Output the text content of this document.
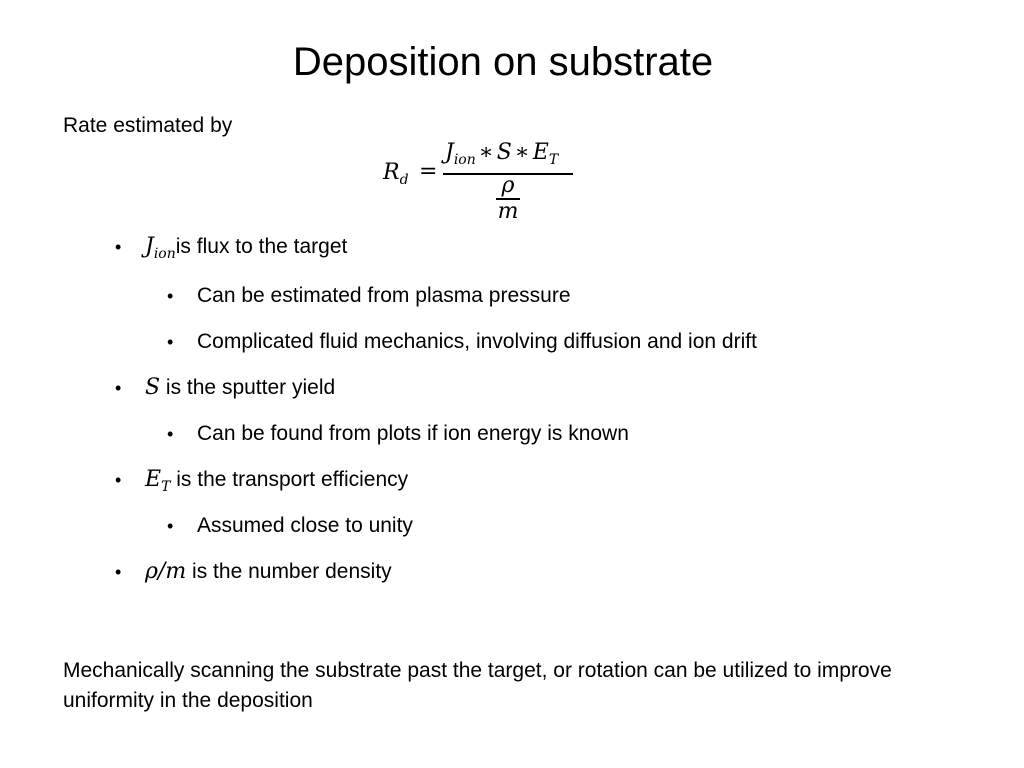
Deposition on substrate
Rate estimated by
$R_d$ =
$J_{ion}$ ∗ S ∗ $E_T$
ρ
m
• $J_{ion}is$ flux to the target
• Can be estimated from plasma pressure
• Complicated fluid mechanics, involving diffusion and ion drift
• S is the sputter yield
• Can be found from plots if ion energy is known
• $E_T$ is the transport efficiency
• Assumed close to unity
• ρ/m is the number density
Mechanically scanning the substrate past the target, or rotation can be utilized to improve uniformity in the deposition
